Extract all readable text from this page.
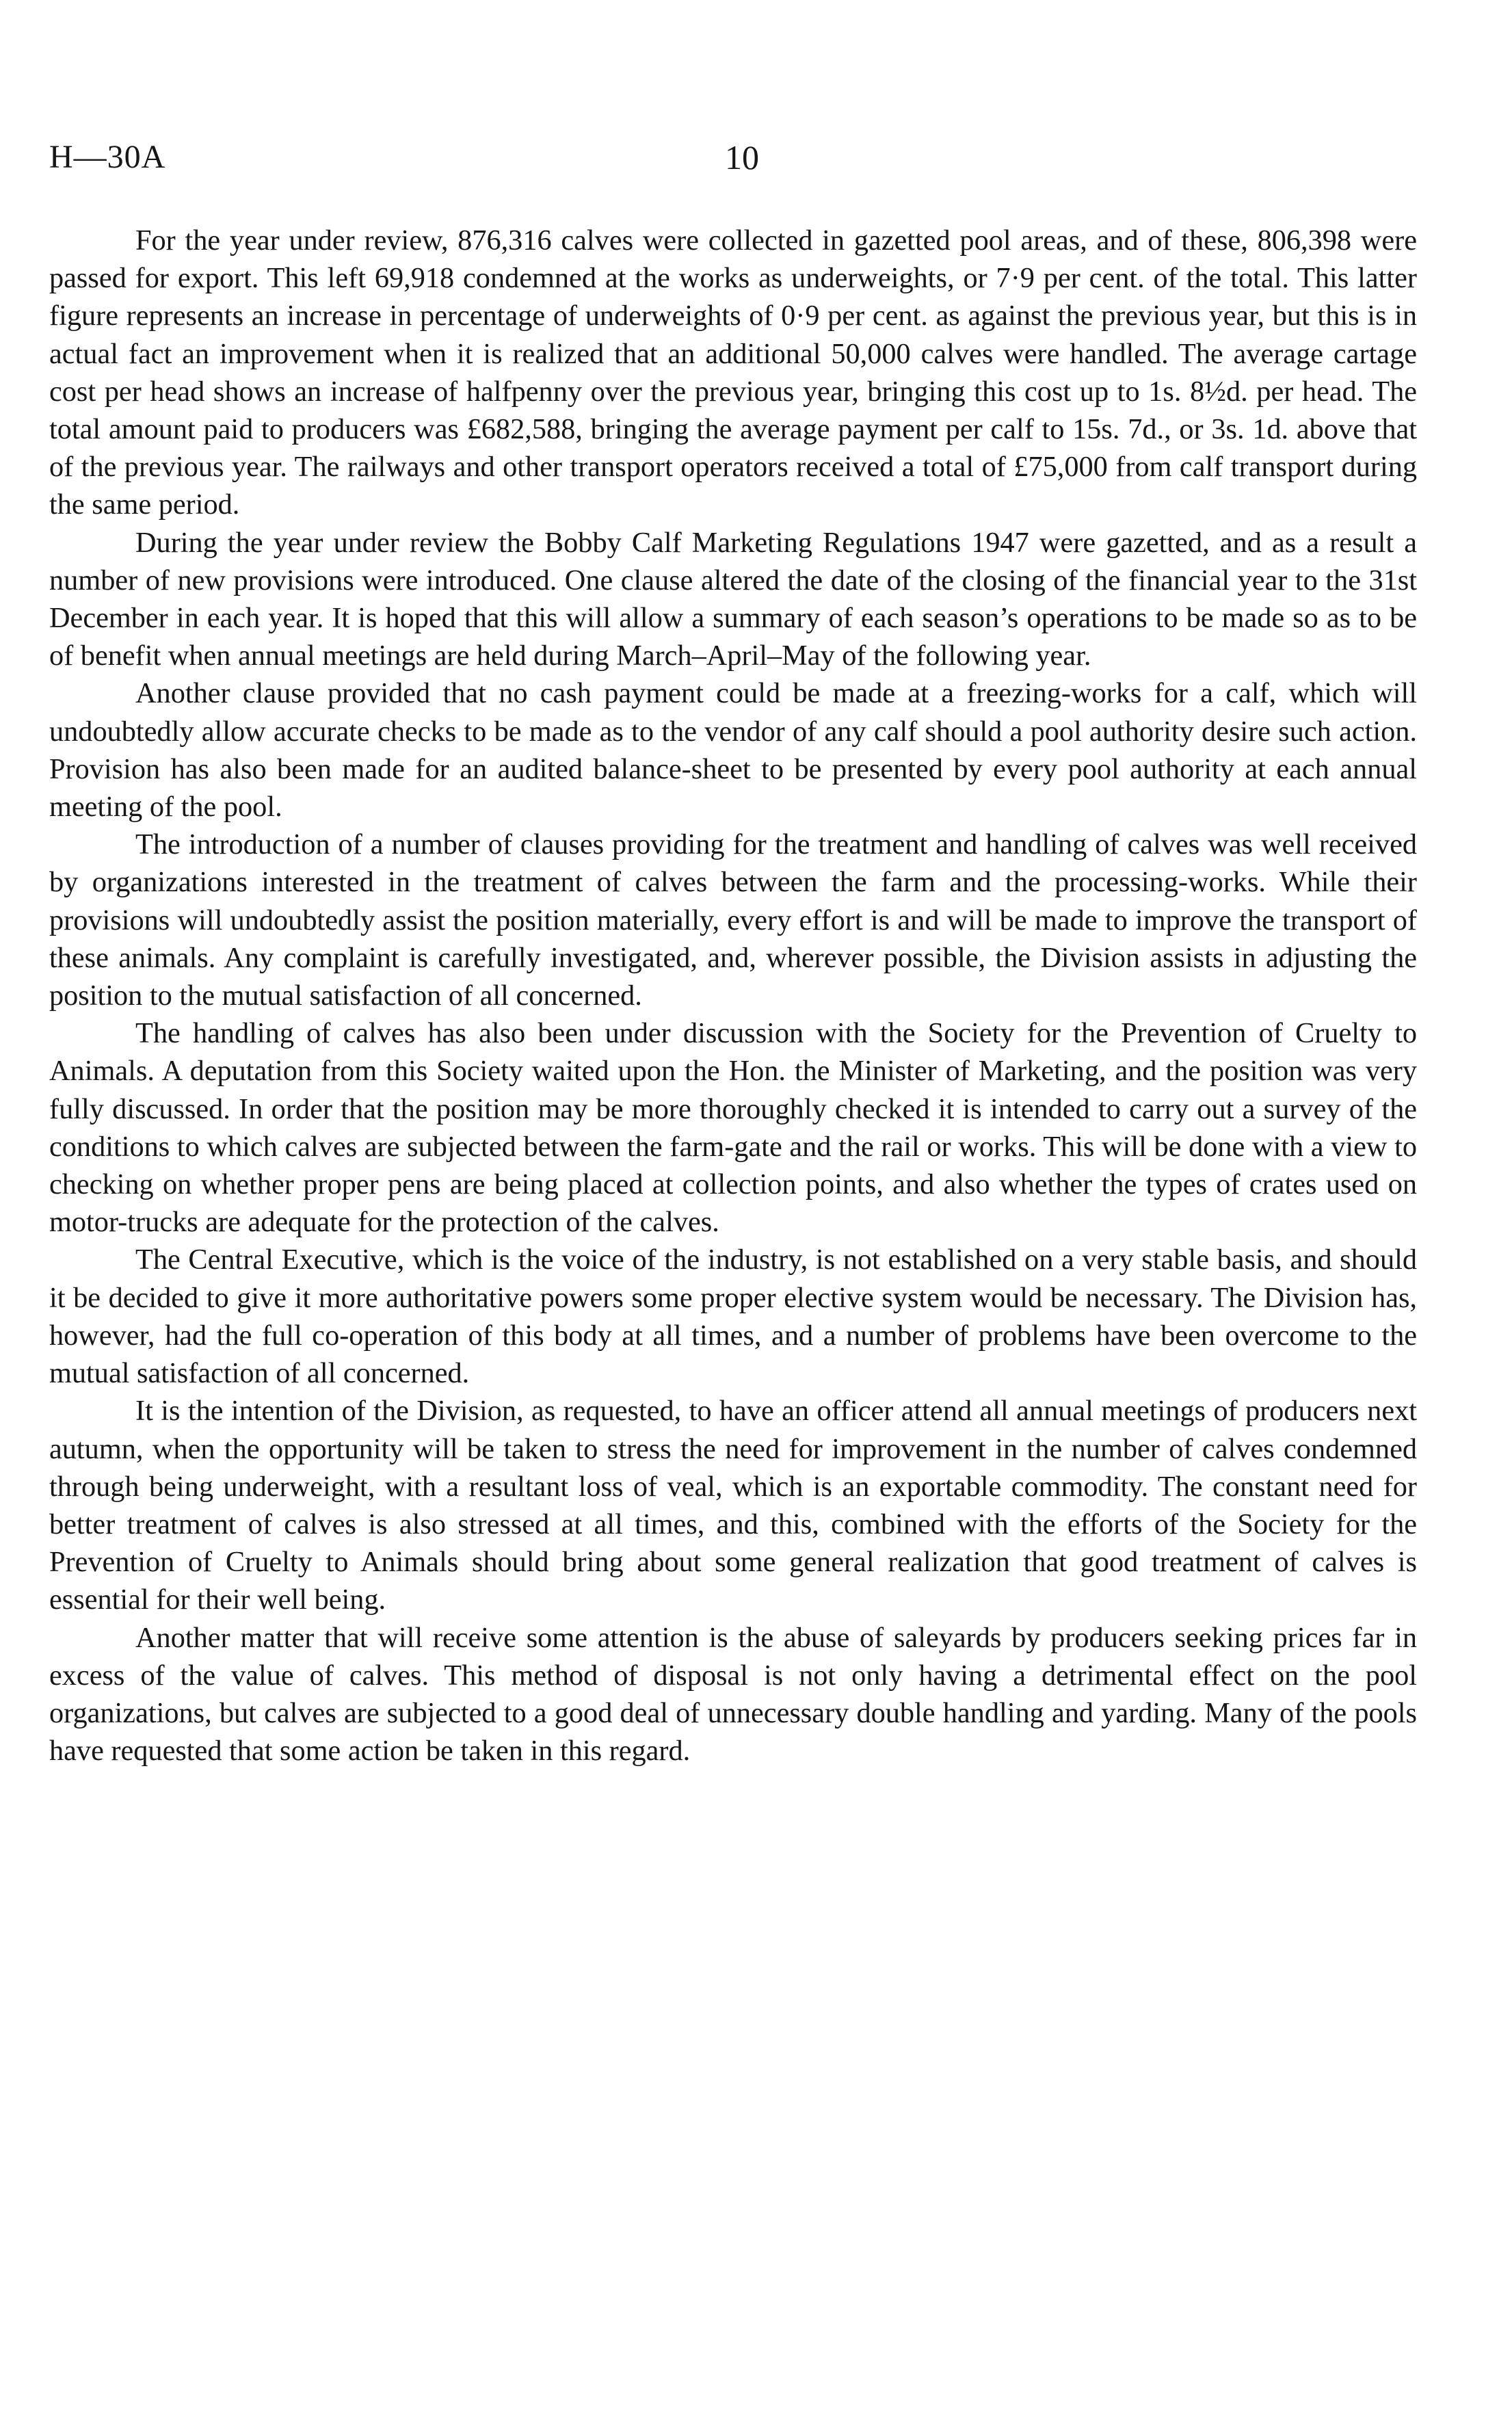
H—30A	10

For the year under review, 876,316 calves were collected in gazetted pool areas, and of these, 806,398 were passed for export. This left 69,918 condemned at the works as underweights, or 7·9 per cent. of the total. This latter figure represents an increase in percentage of underweights of 0·9 per cent. as against the previous year, but this is in actual fact an improvement when it is realized that an additional 50,000 calves were handled. The average cartage cost per head shows an increase of halfpenny over the previous year, bringing this cost up to 1s. 8½d. per head. The total amount paid to producers was £682,588, bringing the average payment per calf to 15s. 7d., or 3s. 1d. above that of the previous year. The railways and other transport operators received a total of £75,000 from calf transport during the same period.

During the year under review the Bobby Calf Marketing Regulations 1947 were gazetted, and as a result a number of new provisions were introduced. One clause altered the date of the closing of the financial year to the 31st December in each year. It is hoped that this will allow a summary of each season’s operations to be made so as to be of benefit when annual meetings are held during March–April–May of the following year.

Another clause provided that no cash payment could be made at a freezing-works for a calf, which will undoubtedly allow accurate checks to be made as to the vendor of any calf should a pool authority desire such action. Provision has also been made for an audited balance-sheet to be presented by every pool authority at each annual meeting of the pool.

The introduction of a number of clauses providing for the treatment and handling of calves was well received by organizations interested in the treatment of calves between the farm and the processing-works. While their provisions will undoubtedly assist the position materially, every effort is and will be made to improve the transport of these animals. Any complaint is carefully investigated, and, wherever possible, the Division assists in adjusting the position to the mutual satisfaction of all concerned.

The handling of calves has also been under discussion with the Society for the Prevention of Cruelty to Animals. A deputation from this Society waited upon the Hon. the Minister of Marketing, and the position was very fully discussed. In order that the position may be more thoroughly checked it is intended to carry out a survey of the conditions to which calves are subjected between the farm-gate and the rail or works. This will be done with a view to checking on whether proper pens are being placed at collection points, and also whether the types of crates used on motor-trucks are adequate for the protection of the calves.

The Central Executive, which is the voice of the industry, is not established on a very stable basis, and should it be decided to give it more authoritative powers some proper elective system would be necessary. The Division has, however, had the full co-operation of this body at all times, and a number of problems have been overcome to the mutual satisfaction of all concerned.

It is the intention of the Division, as requested, to have an officer attend all annual meetings of producers next autumn, when the opportunity will be taken to stress the need for improvement in the number of calves condemned through being underweight, with a resultant loss of veal, which is an exportable commodity. The constant need for better treatment of calves is also stressed at all times, and this, combined with the efforts of the Society for the Prevention of Cruelty to Animals should bring about some general realization that good treatment of calves is essential for their well being.

Another matter that will receive some attention is the abuse of saleyards by producers seeking prices far in excess of the value of calves. This method of disposal is not only having a detrimental effect on the pool organizations, but calves are subjected to a good deal of unnecessary double handling and yarding. Many of the pools have requested that some action be taken in this regard.
